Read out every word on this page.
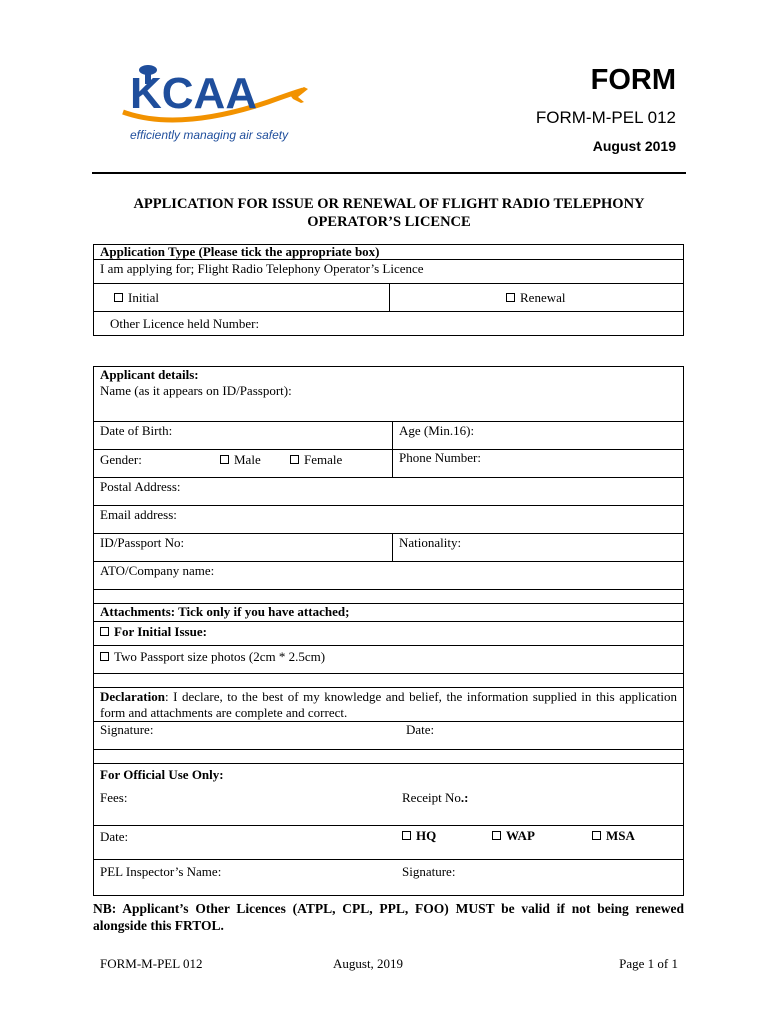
KCAA
efficiently managing air safety
FORM
FORM-M-PEL 012
August 2019
APPLICATION FOR ISSUE OR RENEWAL OF FLIGHT RADIO TELEPHONY
OPERATOR’S LICENCE
Application Type (Please tick the appropriate box)
I am applying for; Flight Radio Telephony Operator’s Licence
Initial	Renewal
Other Licence held Number:
Applicant details:
Name (as it appears on ID/Passport):
Date of Birth:	Age (Min.16):
Gender:	Male	Female	Phone Number:
Postal Address:
Email address:
ID/Passport No:	Nationality:
ATO/Company name:
Attachments: Tick only if you have attached;
For Initial Issue:
Two Passport size photos (2cm * 2.5cm)
Declaration: I declare, to the best of my knowledge and belief, the information supplied in this application form and attachments are complete and correct.
Signature:	Date:
For Official Use Only:
Fees:	Receipt No.:
Date:	HQ	WAP	MSA
PEL Inspector’s Name:	Signature:
NB: Applicant’s Other Licences (ATPL, CPL, PPL, FOO) MUST be valid if not being renewed alongside this FRTOL.
FORM-M-PEL 012	August, 2019	Page 1 of 1
